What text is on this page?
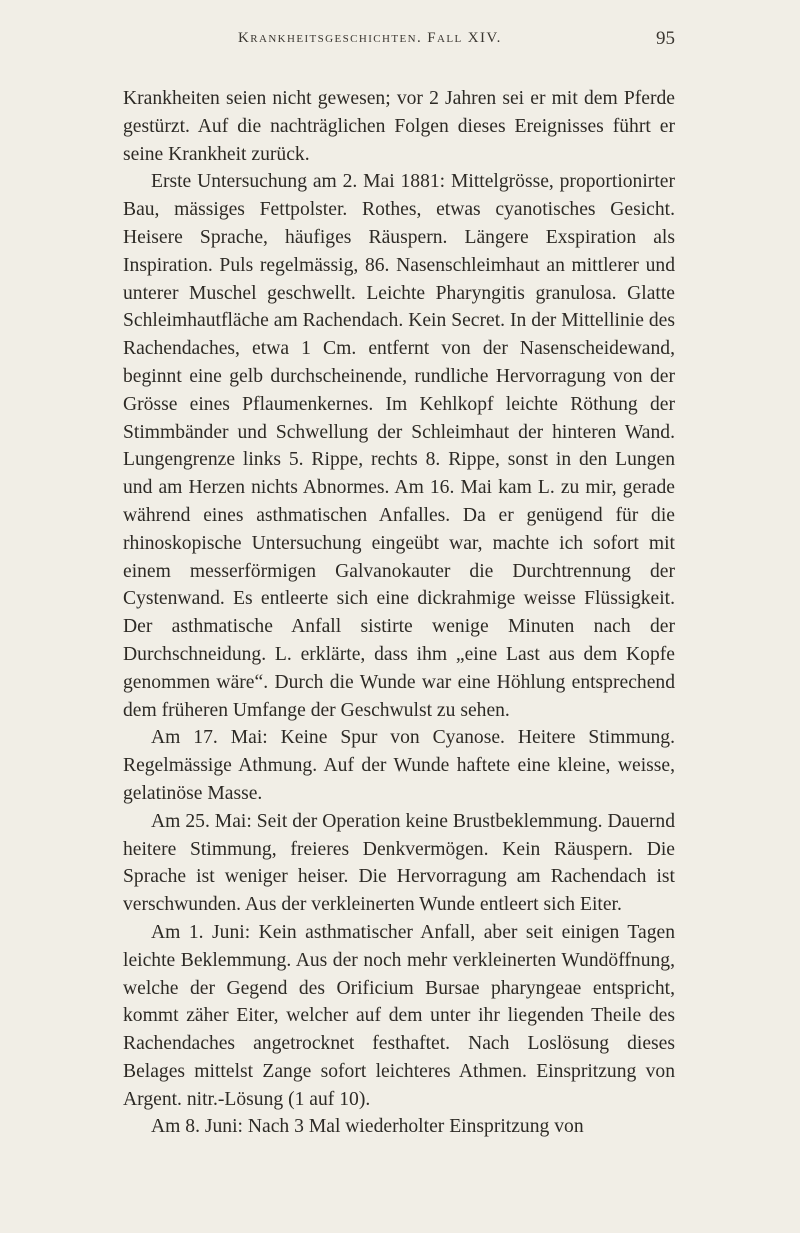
Krankheitsgeschichten. Fall XIV.	95

Krankheiten seien nicht gewesen; vor 2 Jahren sei er mit dem Pferde gestürzt. Auf die nachträglichen Folgen dieses Ereignisses führt er seine Krankheit zurück.

Erste Untersuchung am 2. Mai 1881: Mittelgrösse, proportionirter Bau, mässiges Fettpolster. Rothes, etwas cyanotisches Gesicht. Heisere Sprache, häufiges Räuspern. Längere Exspiration als Inspiration. Puls regelmässig, 86. Nasenschleimhaut an mittlerer und unterer Muschel geschwellt. Leichte Pharyngitis granulosa. Glatte Schleimhautfläche am Rachendach. Kein Secret. In der Mittellinie des Rachendaches, etwa 1 Cm. entfernt von der Nasenscheidewand, beginnt eine gelb durchscheinende, rundliche Hervorragung von der Grösse eines Pflaumenkernes. Im Kehlkopf leichte Röthung der Stimmbänder und Schwellung der Schleimhaut der hinteren Wand. Lungengrenze links 5. Rippe, rechts 8. Rippe, sonst in den Lungen und am Herzen nichts Abnormes. Am 16. Mai kam L. zu mir, gerade während eines asthmatischen Anfalles. Da er genügend für die rhinoskopische Untersuchung eingeübt war, machte ich sofort mit einem messerförmigen Galvanokauter die Durchtrennung der Cystenwand. Es entleerte sich eine dickrahmige weisse Flüssigkeit. Der asthmatische Anfall sistirte wenige Minuten nach der Durchschneidung. L. erklärte, dass ihm „eine Last aus dem Kopfe genommen wäre“. Durch die Wunde war eine Höhlung entsprechend dem früheren Umfange der Geschwulst zu sehen.

Am 17. Mai: Keine Spur von Cyanose. Heitere Stimmung. Regelmässige Athmung. Auf der Wunde haftete eine kleine, weisse, gelatinöse Masse.

Am 25. Mai: Seit der Operation keine Brustbeklemmung. Dauernd heitere Stimmung, freieres Denkvermögen. Kein Räuspern. Die Sprache ist weniger heiser. Die Hervorragung am Rachendach ist verschwunden. Aus der verkleinerten Wunde entleert sich Eiter.

Am 1. Juni: Kein asthmatischer Anfall, aber seit einigen Tagen leichte Beklemmung. Aus der noch mehr verkleinerten Wundöffnung, welche der Gegend des Orificium Bursae pharyngeae entspricht, kommt zäher Eiter, welcher auf dem unter ihr liegenden Theile des Rachendaches angetrocknet festhaftet. Nach Loslösung dieses Belages mittelst Zange sofort leichteres Athmen. Einspritzung von Argent. nitr.-Lösung (1 auf 10).

Am 8. Juni: Nach 3 Mal wiederholter Einspritzung von
